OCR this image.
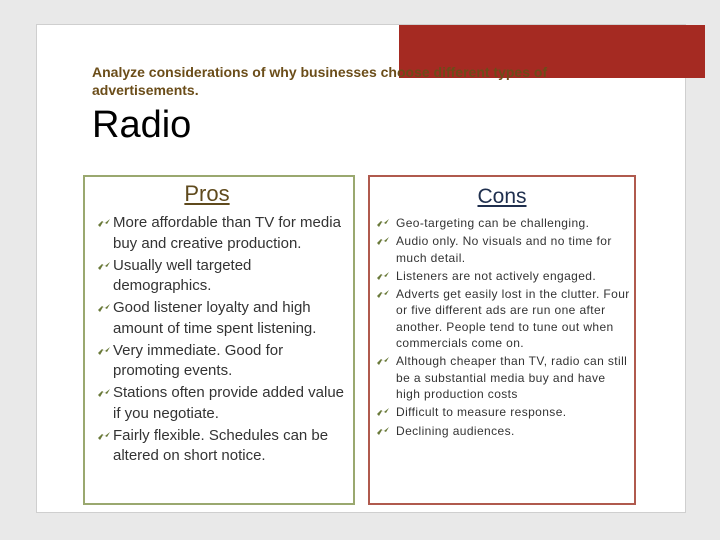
Analyze considerations of why businesses choose different types of advertisements.
Radio
Pros
More affordable than TV for media buy and creative production.
Usually well targeted demographics.
Good listener loyalty and high amount of time spent listening.
Very immediate. Good for promoting events.
Stations often provide added value if you negotiate.
Fairly flexible. Schedules can be altered on short notice.
Cons
Geo-targeting can be challenging.
Audio only. No visuals and no time for much detail.
Listeners are not actively engaged.
Adverts get easily lost in the clutter. Four or five different ads are run one after another. People tend to tune out when commercials come on.
Although cheaper than TV, radio can still be a substantial media buy and have high production costs
Difficult to measure response.
Declining audiences.
